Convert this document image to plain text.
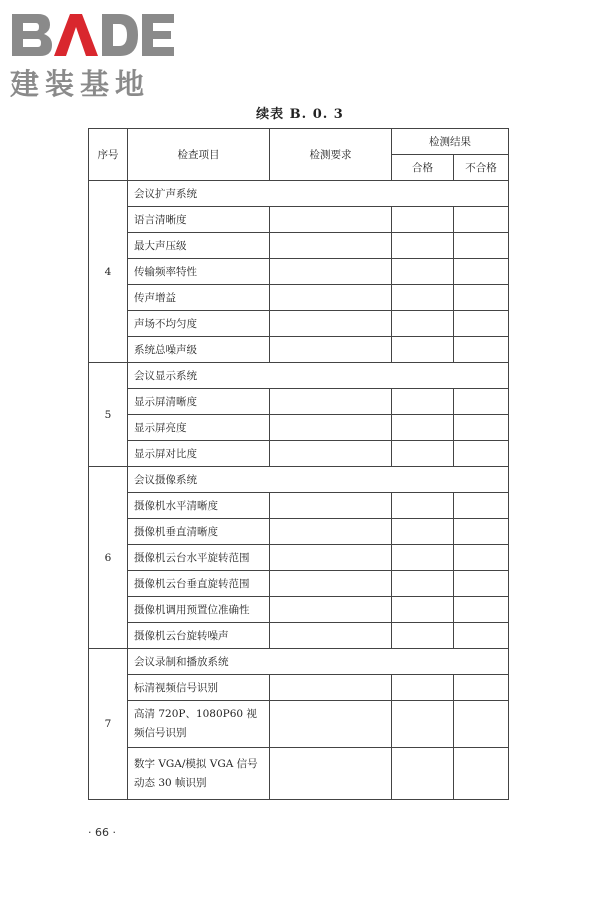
建装基地
续表 B. 0. 3
序号	检查项目	检测要求	检测结果	
			合格	不合格
4	会议扩声系统			
	语言清晰度			
	最大声压级			
	传输频率特性			
	传声增益			
	声场不均匀度			
	系统总噪声级			
5	会议显示系统			
	显示屏清晰度			
	显示屏亮度			
	显示屏对比度			
6	会议摄像系统			
	摄像机水平清晰度			
	摄像机垂直清晰度			
	摄像机云台水平旋转范围			
	摄像机云台垂直旋转范围			
	摄像机调用预置位准确性			
	摄像机云台旋转噪声			
7	会议录制和播放系统			
	标清视频信号识别			
	高清 720P、1080P60 视频信号识别			
	数字 VGA/模拟 VGA 信号动态 30 帧识别			
· 66 ·
